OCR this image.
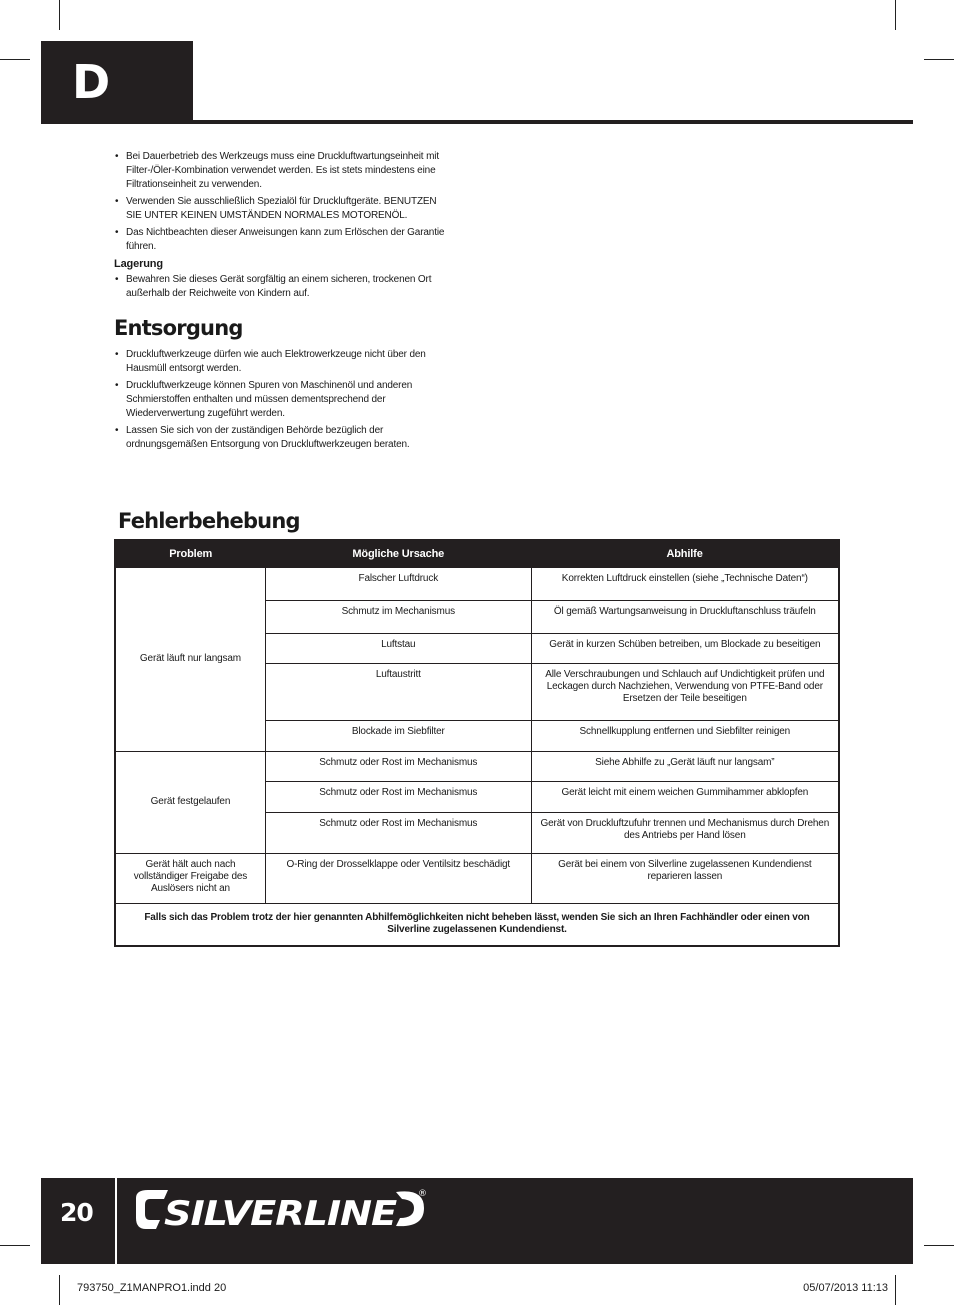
D
• Bei Dauerbetrieb des Werkzeugs muss eine Druckluftwartungseinheit mit Filter-/Öler-Kombination verwendet werden. Es ist stets mindestens eine Filtrationseinheit zu verwenden.
• Verwenden Sie ausschließlich Spezialöl für Druckluftgeräte. BENUTZEN SIE UNTER KEINEN UMSTÄNDEN NORMALES MOTORENÖL.
• Das Nichtbeachten dieser Anweisungen kann zum Erlöschen der Garantie führen.
Lagerung
• Bewahren Sie dieses Gerät sorgfältig an einem sicheren, trockenen Ort außerhalb der Reichweite von Kindern auf.
Entsorgung
• Druckluftwerkzeuge dürfen wie auch Elektrowerkzeuge nicht über den Hausmüll entsorgt werden.
• Druckluftwerkzeuge können Spuren von Maschinenöl und anderen Schmierstoffen enthalten und müssen dementsprechend der Wiederverwertung zugeführt werden.
• Lassen Sie sich von der zuständigen Behörde bezüglich der ordnungsgemäßen Entsorgung von Druckluftwerkzeugen beraten.
Fehlerbehebung
Problem	Mögliche Ursache	Abhilfe
Gerät läuft nur langsam	Falscher Luftdruck	Korrekten Luftdruck einstellen (siehe „Technische Daten“)
	Schmutz im Mechanismus	Öl gemäß Wartungsanweisung in Druckluftanschluss träufeln
	Luftstau	Gerät in kurzen Schüben betreiben, um Blockade zu beseitigen
	Luftaustritt	Alle Verschraubungen und Schlauch auf Undichtigkeit prüfen und Leckagen durch Nachziehen, Verwendung von PTFE-Band oder Ersetzen der Teile beseitigen
	Blockade im Siebfilter	Schnellkupplung entfernen und Siebfilter reinigen
Gerät festgelaufen	Schmutz oder Rost im Mechanismus	Siehe Abhilfe zu „Gerät läuft nur langsam”
	Schmutz oder Rost im Mechanismus	Gerät leicht mit einem weichen Gummihammer abklopfen
	Schmutz oder Rost im Mechanismus	Gerät von Druckluftzufuhr trennen und Mechanismus durch Drehen des Antriebs per Hand lösen
Gerät hält auch nach vollständiger Freigabe des Auslösers nicht an	O-Ring der Drosselklappe oder Ventilsitz beschädigt	Gerät bei einem von Silverline zugelassenen Kundendienst reparieren lassen
Falls sich das Problem trotz der hier genannten Abhilfemöglichkeiten nicht beheben lässt, wenden Sie sich an Ihren Fachhändler oder einen von Silverline zugelassenen Kundendienst.		
20 SILVERLINE ®
793750_Z1MANPRO1.indd 20	05/07/2013 11:13
